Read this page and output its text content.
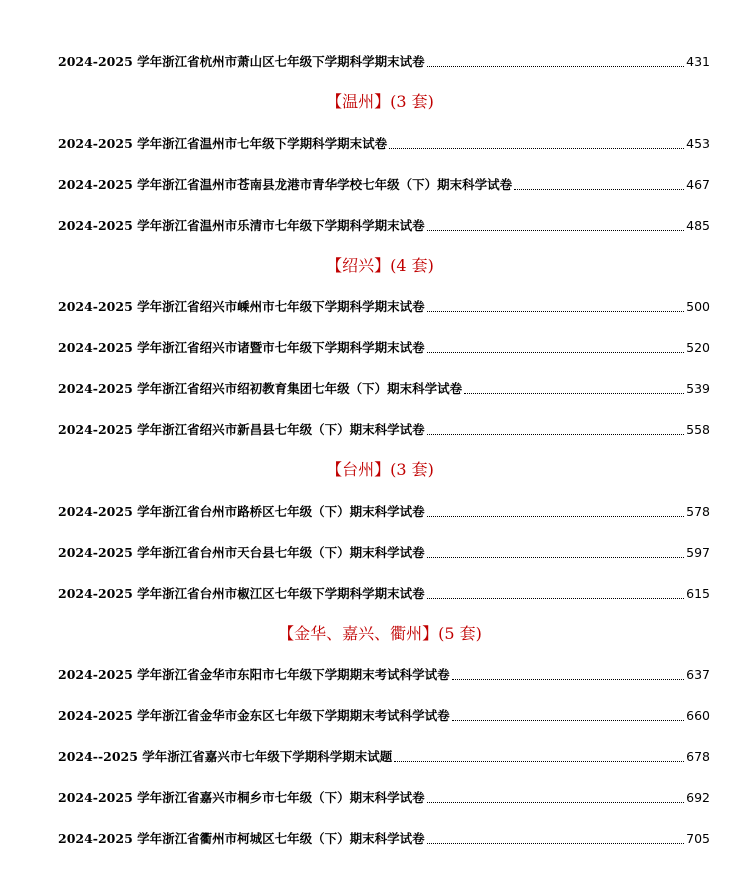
2024-2025 学年浙江省杭州市萧山区七年级下学期科学期末试卷	431
【温州】(3 套)
2024-2025 学年浙江省温州市七年级下学期科学期末试卷	453
2024-2025 学年浙江省温州市苍南县龙港市青华学校七年级（下）期末科学试卷	467
2024-2025 学年浙江省温州市乐清市七年级下学期科学期末试卷	485
【绍兴】(4 套)
2024-2025 学年浙江省绍兴市嵊州市七年级下学期科学期末试卷	500
2024-2025 学年浙江省绍兴市诸暨市七年级下学期科学期末试卷	520
2024-2025 学年浙江省绍兴市绍初教育集团七年级（下）期末科学试卷	539
2024-2025 学年浙江省绍兴市新昌县七年级（下）期末科学试卷	558
【台州】(3 套)
2024-2025 学年浙江省台州市路桥区七年级（下）期末科学试卷	578
2024-2025 学年浙江省台州市天台县七年级（下）期末科学试卷	597
2024-2025 学年浙江省台州市椒江区七年级下学期科学期末试卷	615
【金华、嘉兴、衢州】(5 套)
2024-2025 学年浙江省金华市东阳市七年级下学期期末考试科学试卷	637
2024-2025 学年浙江省金华市金东区七年级下学期期末考试科学试卷	660
2024--2025 学年浙江省嘉兴市七年级下学期科学期末试题	678
2024-2025 学年浙江省嘉兴市桐乡市七年级（下）期末科学试卷	692
2024-2025 学年浙江省衢州市柯城区七年级（下）期末科学试卷	705
